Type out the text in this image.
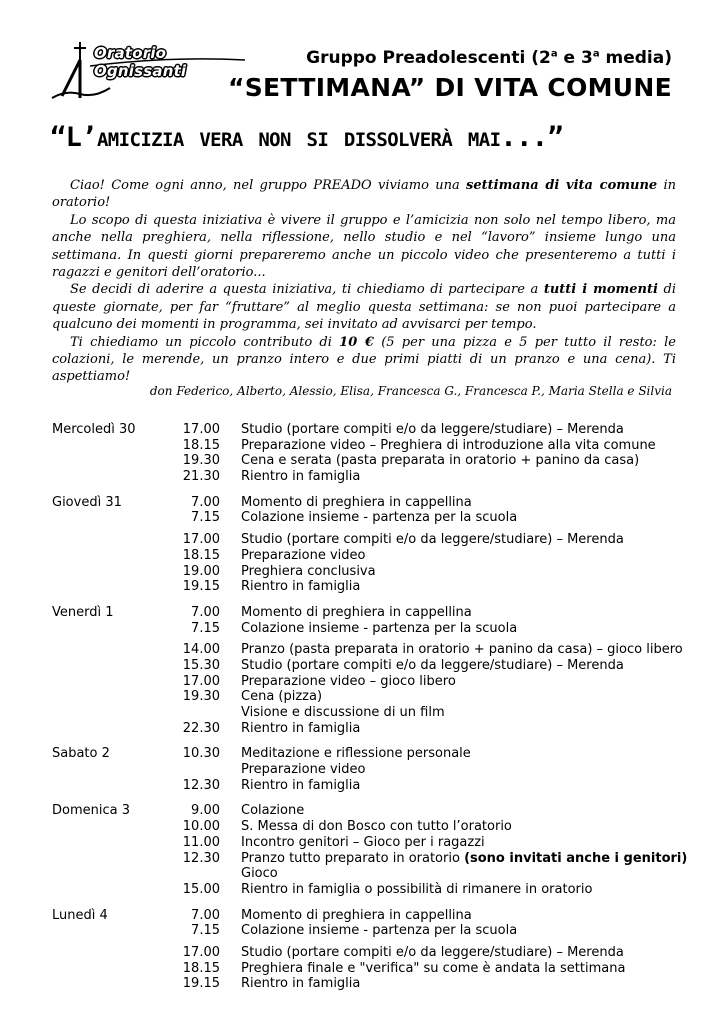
Oratorio Ognissanti
Gruppo Preadolescenti (2$^a$ e 3$^a$ media)
“SETTIMANA” DI VITA COMUNE
“L’amicizia vera non si dissolverà mai...”

Ciao! Come ogni anno, nel gruppo PREADO viviamo una settimana di vita comune in oratorio!

Lo scopo di questa iniziativa è vivere il gruppo e l’amicizia non solo nel tempo libero, ma anche nella preghiera, nella riflessione, nello studio e nel “lavoro” insieme lungo una settimana. In questi giorni prepareremo anche un piccolo video che presenteremo a tutti i ragazzi e genitori dell’oratorio...

Se decidi di aderire a questa iniziativa, ti chiediamo di partecipare a tutti i momenti di queste giornate, per far “fruttare” al meglio questa settimana: se non puoi partecipare a qualcuno dei momenti in programma, sei invitato ad avvisarci per tempo.

Ti chiediamo un piccolo contributo di 10 € (5 per una pizza e 5 per tutto il resto: le colazioni, le merende, un pranzo intero e due primi piatti di un pranzo e una cena). Ti aspettiamo!

don Federico, Alberto, Alessio, Elisa, Francesca G., Francesca P., Maria Stella e Silvia
Mercoledì 30	17.00 Studio (portare compiti e/o da leggere/studiare) – Merenda
18.15 Preparazione video – Preghiera di introduzione alla vita comune
19.30 Cena e serata (pasta preparata in oratorio + panino da casa)
21.30 Rientro in famiglia
Giovedì 31	7.00 Momento di preghiera in cappellina
7.15 Colazione insieme - partenza per la scuola
17.00 Studio (portare compiti e/o da leggere/studiare) – Merenda
18.15 Preparazione video
19.00 Preghiera conclusiva
19.15 Rientro in famiglia
Venerdì 1	7.00 Momento di preghiera in cappellina
7.15 Colazione insieme - partenza per la scuola
14.00 Pranzo (pasta preparata in oratorio + panino da casa) – gioco libero
15.30 Studio (portare compiti e/o da leggere/studiare) – Merenda
17.00 Preparazione video – gioco libero
19.30 Cena (pizza)
Visione e discussione di un film
22.30 Rientro in famiglia
Sabato 2	10.30 Meditazione e riflessione personale
Preparazione video
12.30 Rientro in famiglia
Domenica 3	9.00 Colazione
10.00 S. Messa di don Bosco con tutto l’oratorio
11.00 Incontro genitori – Gioco per i ragazzi
12.30 Pranzo tutto preparato in oratorio (sono invitati anche i genitori)
Gioco
15.00 Rientro in famiglia o possibilità di rimanere in oratorio
Lunedì 4	7.00 Momento di preghiera in cappellina
7.15 Colazione insieme - partenza per la scuola
17.00 Studio (portare compiti e/o da leggere/studiare) – Merenda
18.15 Preghiera finale e "verifica" su come è andata la settimana
19.15 Rientro in famiglia
